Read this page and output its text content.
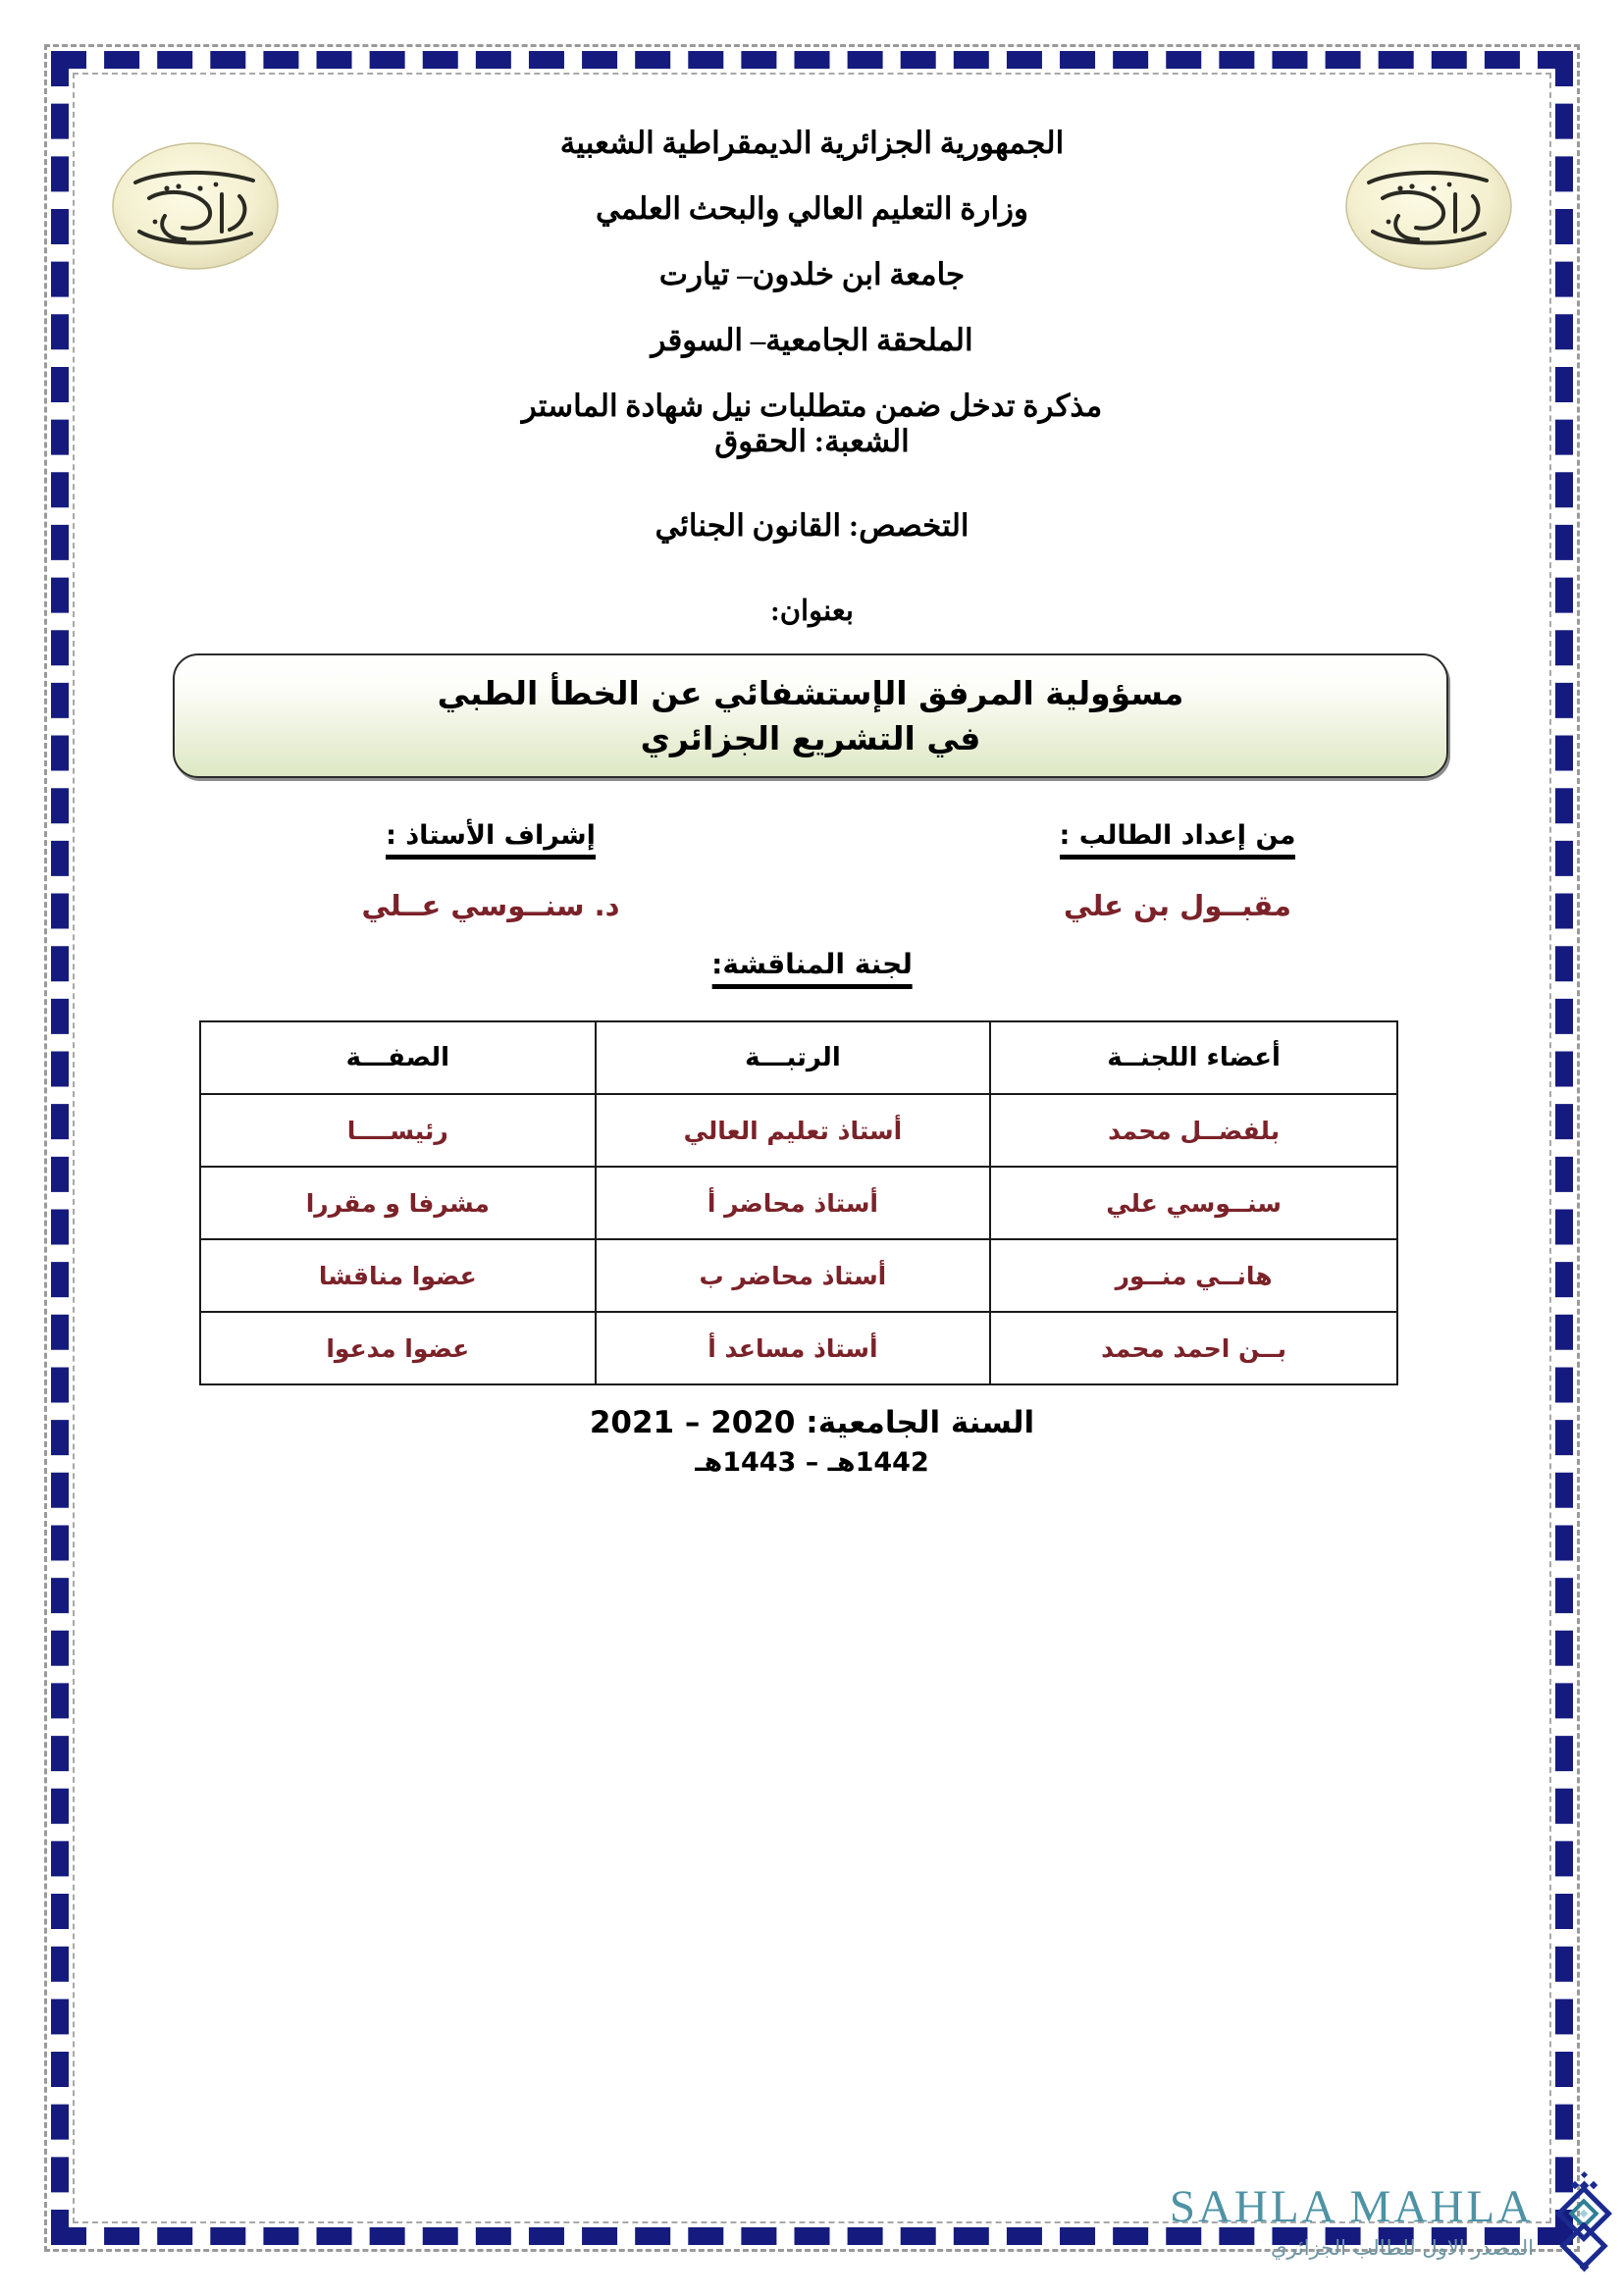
الجمهورية الجزائرية الديمقراطية الشعبية
وزارة التعليم العالي والبحث العلمي
جامعة ابن خلدون– تيارت
الملحقة الجامعية– السوقر
مذكرة تدخل ضمن متطلبات نيل شهادة الماستر
الشعبة: الحقوق
التخصص: القانون الجنائي
بعنوان:
مسؤولية المرفق الإستشفائي عن الخطأ الطبي
في التشريع الجزائري
من إعداد الطالب :
مقبــول بن علي
إشراف الأستاذ :
د. سنــوسي عــلي
لجنة المناقشة:
أعضاء اللجنــة	الرتبـــة	الصفـــة
بلفضــل محمد	أستاذ تعليم العالي	رئيســــا
سنــوسي علي	أستاذ محاضر أ	مشرفا و مقررا
هانــي منــور	أستاذ محاضر ب	عضوا مناقشا
بــن احمد محمد	أستاذ مساعد أ	عضوا مدعوا
السنة الجامعية: 2020 – 2021
1442هـ – 1443هـ
SAHLA MAHLA
المصدر الاول للطالب الجزائري
